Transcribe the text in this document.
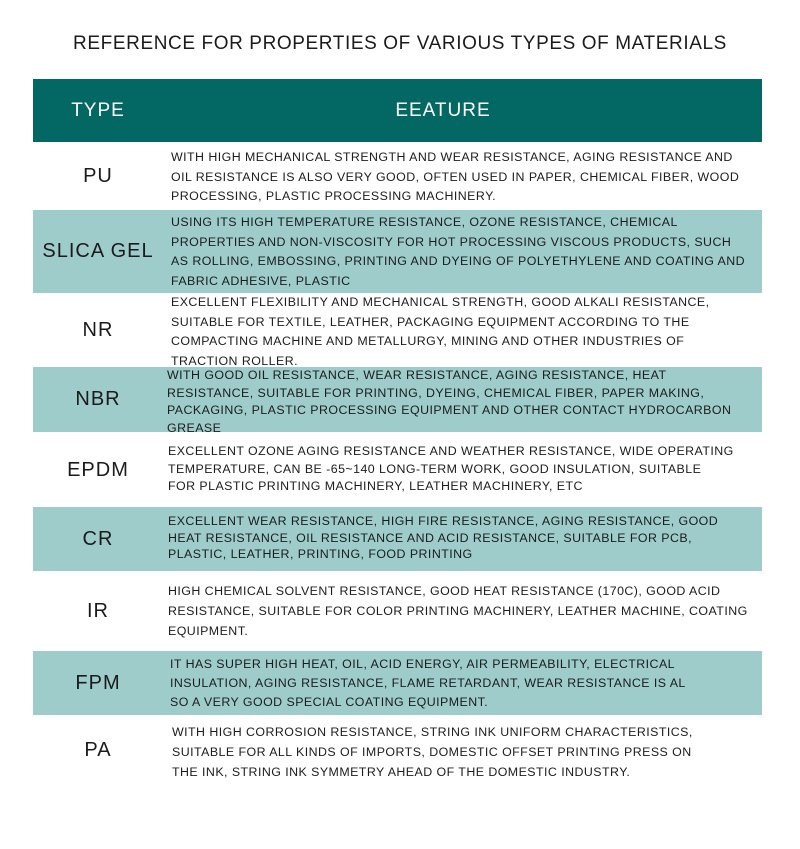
REFERENCE FOR PROPERTIES OF VARIOUS TYPES OF MATERIALS
TYPE	EEATURE
PU
WITH HIGH MECHANICAL STRENGTH AND WEAR RESISTANCE, AGING RESISTANCE AND
OIL RESISTANCE IS ALSO VERY GOOD, OFTEN USED IN PAPER, CHEMICAL FIBER, WOOD
PROCESSING, PLASTIC PROCESSING MACHINERY.
SLICA GEL
USING ITS HIGH TEMPERATURE RESISTANCE, OZONE RESISTANCE, CHEMICAL
PROPERTIES AND NON-VISCOSITY FOR HOT PROCESSING VISCOUS PRODUCTS, SUCH
AS ROLLING, EMBOSSING, PRINTING AND DYEING OF POLYETHYLENE AND COATING AND
FABRIC ADHESIVE, PLASTIC
NR
EXCELLENT FLEXIBILITY AND MECHANICAL STRENGTH, GOOD ALKALI RESISTANCE,
SUITABLE FOR TEXTILE, LEATHER, PACKAGING EQUIPMENT ACCORDING TO THE
COMPACTING MACHINE AND METALLURGY, MINING AND OTHER INDUSTRIES OF
TRACTION ROLLER.
NBR
WITH GOOD OIL RESISTANCE, WEAR RESISTANCE, AGING RESISTANCE, HEAT
RESISTANCE, SUITABLE FOR PRINTING, DYEING, CHEMICAL FIBER, PAPER MAKING,
PACKAGING, PLASTIC PROCESSING EQUIPMENT AND OTHER CONTACT HYDROCARBON
GREASE
EPDM
EXCELLENT OZONE AGING RESISTANCE AND WEATHER RESISTANCE, WIDE OPERATING
TEMPERATURE, CAN BE -65~140 LONG-TERM WORK, GOOD INSULATION, SUITABLE
FOR PLASTIC PRINTING MACHINERY, LEATHER MACHINERY, ETC
CR
EXCELLENT WEAR RESISTANCE, HIGH FIRE RESISTANCE, AGING RESISTANCE, GOOD
HEAT RESISTANCE, OIL RESISTANCE AND ACID RESISTANCE, SUITABLE FOR PCB,
PLASTIC, LEATHER, PRINTING, FOOD PRINTING
IR
HIGH CHEMICAL SOLVENT RESISTANCE, GOOD HEAT RESISTANCE (170C), GOOD ACID
RESISTANCE, SUITABLE FOR COLOR PRINTING MACHINERY, LEATHER MACHINE, COATING
EQUIPMENT.
FPM
IT HAS SUPER HIGH HEAT, OIL, ACID ENERGY, AIR PERMEABILITY, ELECTRICAL
INSULATION, AGING RESISTANCE, FLAME RETARDANT, WEAR RESISTANCE IS AL
SO A VERY GOOD SPECIAL COATING EQUIPMENT.
PA
WITH HIGH CORROSION RESISTANCE, STRING INK UNIFORM CHARACTERISTICS,
SUITABLE FOR ALL KINDS OF IMPORTS, DOMESTIC OFFSET PRINTING PRESS ON
THE INK, STRING INK SYMMETRY AHEAD OF THE DOMESTIC INDUSTRY.
